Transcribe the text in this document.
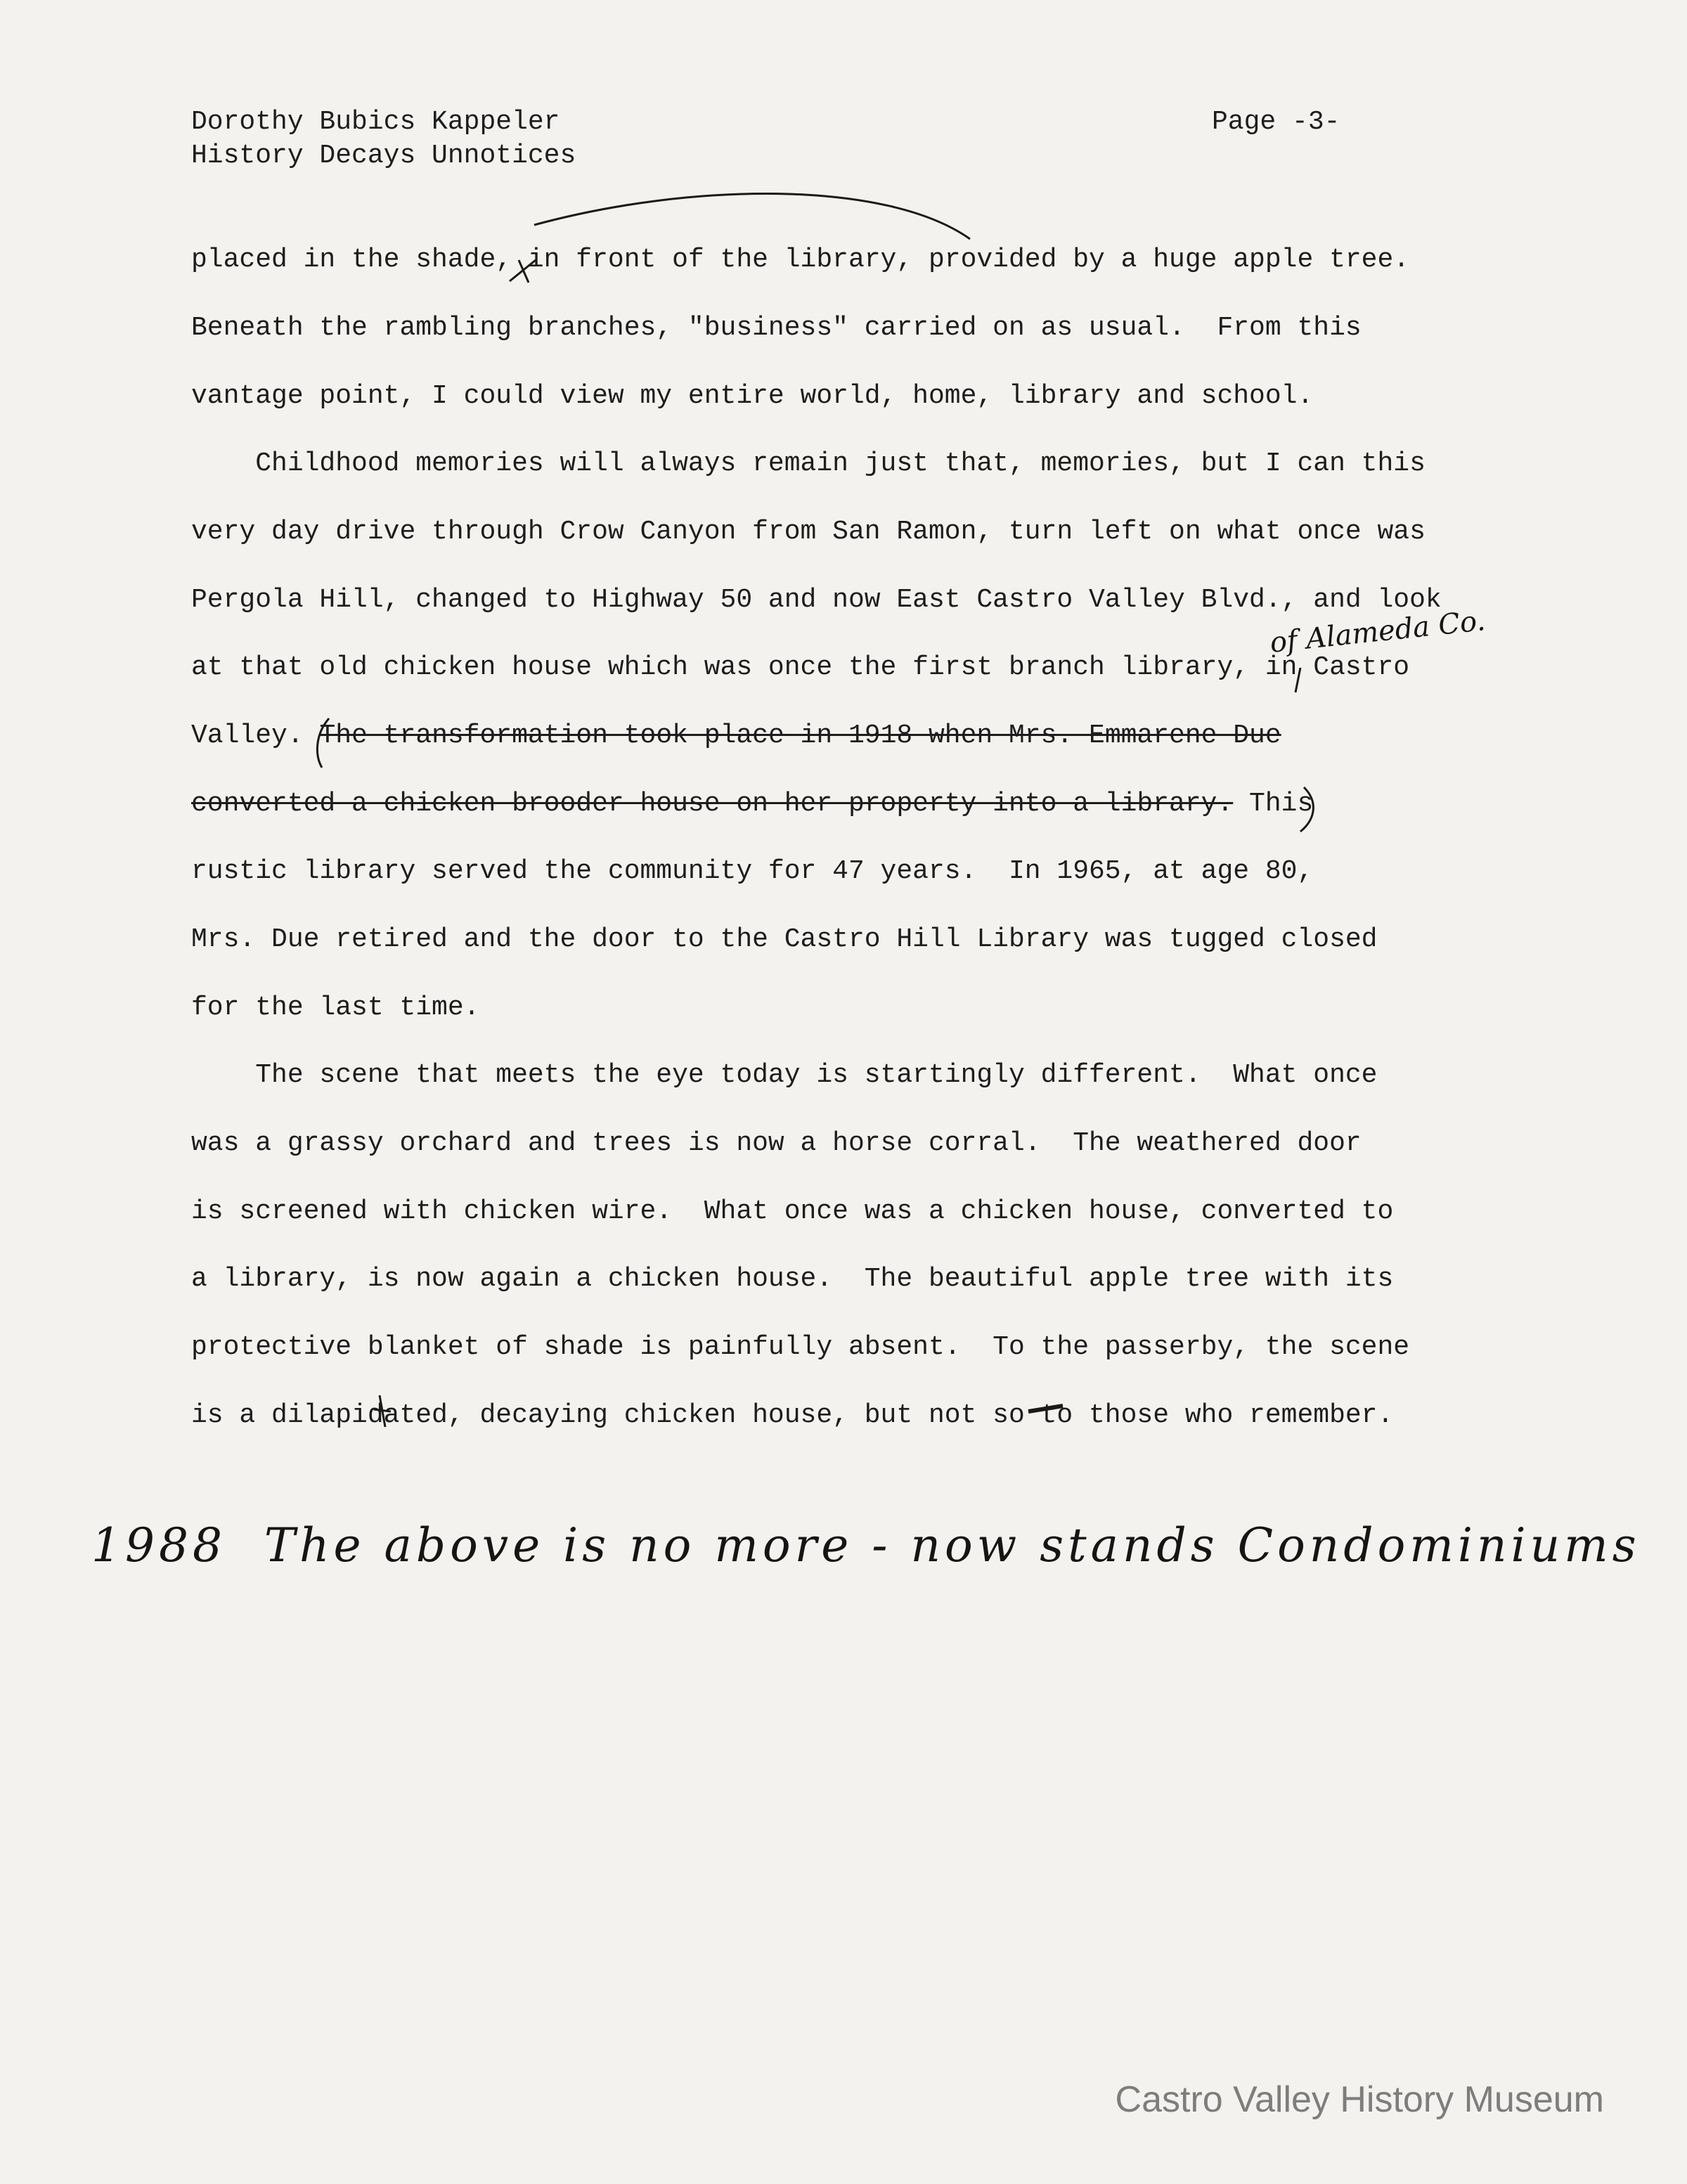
Dorothy Bubics Kappeler
History Decays Unnotices
Page -3-
placed in the shade, in front of the library, provided by a huge apple tree.
Beneath the rambling branches, "business" carried on as usual.  From this
vantage point, I could view my entire world, home, library and school.
Childhood memories will always remain just that, memories, but I can this
very day drive through Crow Canyon from San Ramon, turn left on what once was
Pergola Hill, changed to Highway 50 and now East Castro Valley Blvd., and look
at that old chicken house which was once the first branch library, in Castro
Valley. The transformation took place in 1918 when Mrs. Emmarene Due
converted a chicken brooder house on her property into a library. This
rustic library served the community for 47 years.  In 1965, at age 80,
Mrs. Due retired and the door to the Castro Hill Library was tugged closed
for the last time.
The scene that meets the eye today is startingly different.  What once
was a grassy orchard and trees is now a horse corral.  The weathered door
is screened with chicken wire.  What once was a chicken house, converted to
a library, is now again a chicken house.  The beautiful apple tree with its
protective blanket of shade is painfully absent.  To the passerby, the scene
is a dilapidated, decaying chicken house, but not so to those who remember.
of Alameda Co.
1988  The above is no more - now stands Condominiums
Castro Valley History Museum
